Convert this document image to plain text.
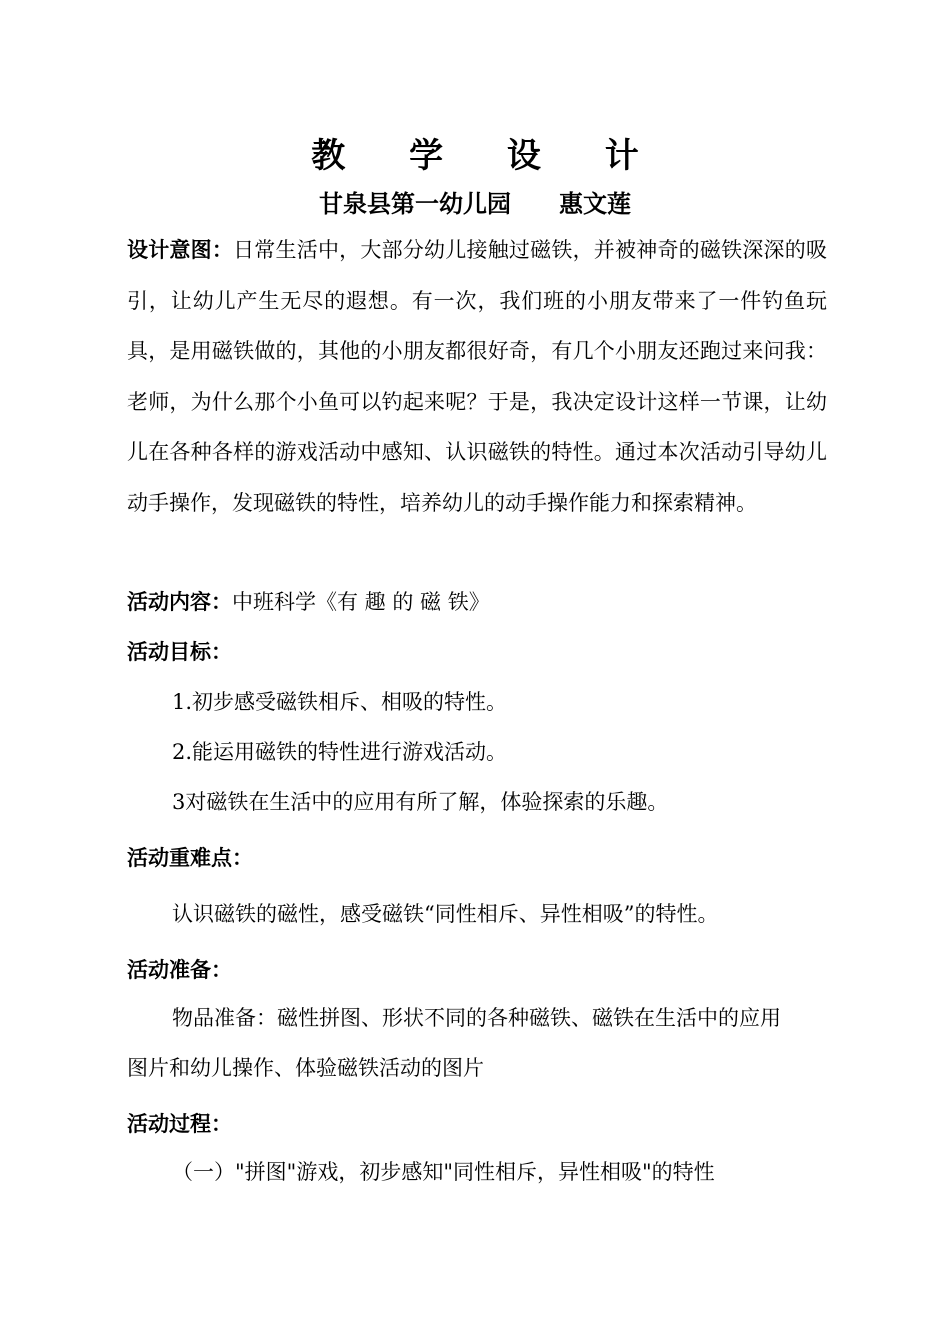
教 学 设 计
甘泉县第一幼儿园　　惠文莲

设计意图：日常生活中，大部分幼儿接触过磁铁，并被神奇的磁铁深深的吸引，让幼儿产生无尽的遐想。有一次，我们班的小朋友带来了一件钓鱼玩具，是用磁铁做的，其他的小朋友都很好奇，有几个小朋友还跑过来问我：老师，为什么那个小鱼可以钓起来呢？于是，我决定设计这样一节课，让幼儿在各种各样的游戏活动中感知、认识磁铁的特性。通过本次活动引导幼儿动手操作，发现磁铁的特性，培养幼儿的动手操作能力和探索精神。

活动内容：中班科学《有 趣 的 磁 铁》
活动目标：
1.初步感受磁铁相斥、相吸的特性。
2.能运用磁铁的特性进行游戏活动。
3对磁铁在生活中的应用有所了解，体验探索的乐趣。
活动重难点：
认识磁铁的磁性，感受磁铁“同性相斥、异性相吸”的特性。
活动准备：
物品准备：磁性拼图、形状不同的各种磁铁、磁铁在生活中的应用
图片和幼儿操作、体验磁铁活动的图片
活动过程：
（一）"拼图"游戏，初步感知"同性相斥，异性相吸"的特性
